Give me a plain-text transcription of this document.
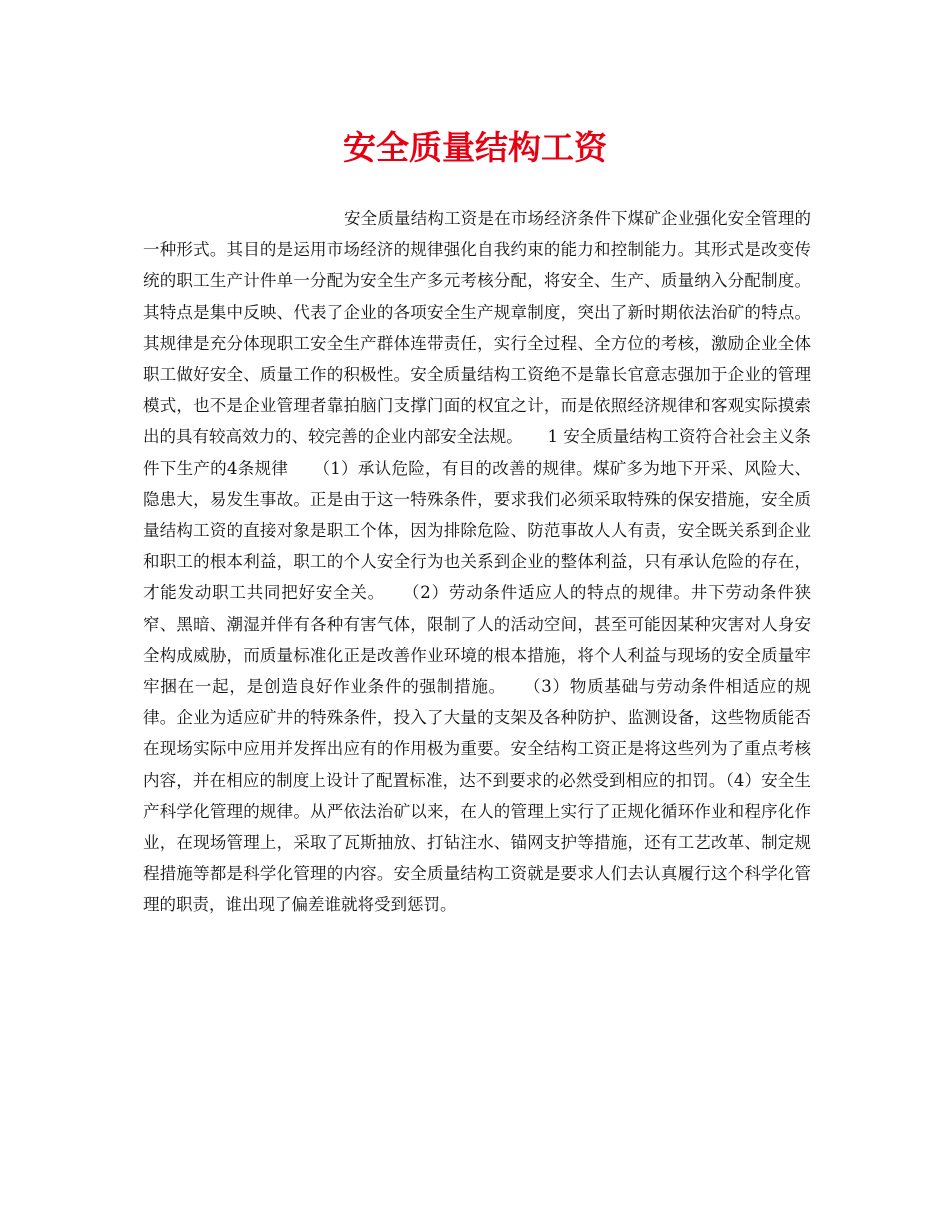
安全质量结构工资

安全质量结构工资是在市场经济条件下煤矿企业强化安全管理的一种形式。其目的是运用市场经济的规律强化自我约束的能力和控制能力。其形式是改变传统的职工生产计件单一分配为安全生产多元考核分配，将安全、生产、质量纳入分配制度。其特点是集中反映、代表了企业的各项安全生产规章制度，突出了新时期依法治矿的特点。其规律是充分体现职工安全生产群体连带责任，实行全过程、全方位的考核，激励企业全体职工做好安全、质量工作的积极性。安全质量结构工资绝不是靠长官意志强加于企业的管理模式，也不是企业管理者靠拍脑门支撑门面的权宜之计，而是依照经济规律和客观实际摸索出的具有较高效力的、较完善的企业内部安全法规。　　1 安全质量结构工资符合社会主义条件下生产的4条规律　　（1）承认危险，有目的改善的规律。煤矿多为地下开采、风险大、隐患大，易发生事故。正是由于这一特殊条件，要求我们必须采取特殊的保安措施，安全质量结构工资的直接对象是职工个体，因为排除危险、防范事故人人有责，安全既关系到企业和职工的根本利益，职工的个人安全行为也关系到企业的整体利益，只有承认危险的存在，才能发动职工共同把好安全关。　　（2）劳动条件适应人的特点的规律。井下劳动条件狭窄、黑暗、潮湿并伴有各种有害气体，限制了人的活动空间，甚至可能因某种灾害对人身安全构成威胁，而质量标准化正是改善作业环境的根本措施，将个人利益与现场的安全质量牢牢捆在一起，是创造良好作业条件的强制措施。　　（3）物质基础与劳动条件相适应的规律。企业为适应矿井的特殊条件，投入了大量的支架及各种防护、监测设备，这些物质能否在现场实际中应用并发挥出应有的作用极为重要。安全结构工资正是将这些列为了重点考核内容，并在相应的制度上设计了配置标准，达不到要求的必然受到相应的扣罚。（4）安全生产科学化管理的规律。从严依法治矿以来，在人的管理上实行了正规化循环作业和程序化作业，在现场管理上，采取了瓦斯抽放、打钻注水、锚网支护等措施，还有工艺改革、制定规程措施等都是科学化管理的内容。安全质量结构工资就是要求人们去认真履行这个科学化管理的职责，谁出现了偏差谁就将受到惩罚。
